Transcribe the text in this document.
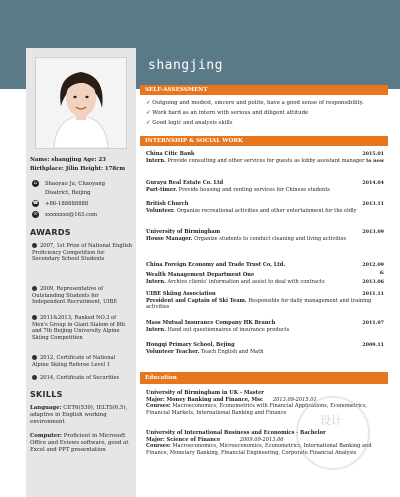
shangjing
Name: shangjing Age: 23
Birthplace: Jilin Height: 178cm
⌂ Shaoyao Ju, Chaoyang
Disatrict, Beijing
☎ +86-188888888
✉ xxxxxxxx@163.com
AWARDS
2007, 1st Prize of National English Proficiency Competition for Secondary School Students
2009, Representative of Outstanding Students for Independent Recruitment, UIBE
2011&2013, Ranked NO.3 of Men's Group in Giant Slalom of 8th and 7th Beijing University Alpine Skiing Competition
2012, Certificate of National Alpine Skiing Referee Level 1
2014, Certificate of Securities
SKILLS
Language: CET6(539), IELTS(6.5), adaptive in English working environment
Computer: Proficient in Microsoft Office and Eviews software, good at Excel and PPT presentation
SELF-ASSESSMENT
✓ Outgoing and modest, sincere and polite, have a good sense of responsibility.
✓ Work hard as an intern with serious and diligent attitude
✓ Good logic and analysis skills
INTERNSHIP & SOCIAL WORK
China Citic Bank	2015.01

Intern. Provide consulting and other services for guests as lobby assistant manager to now
Gurayu Real Estate Co. Ltd	2014.04

Part-timer. Provide housing and renting services for Chinese students
British Church	2013.11

Volunteer. Organize recreational activities and other entertainment for the eldly
University of Birmingham	2013.09

House Manager. Organize students to conduct cleaning and living activities
China Foreign Economy and Trade Trust Co, Ltd.	2012.09
&
Wealth Management Department One
Intern. Archive clients' information and assist to deal with contracts	2013.06
UIBE Skiing Association	2011.11

President and Captain of Ski Team. Responsible for daily management and training activities
Mass Mutual Insurance Company HK Branch	2011.07

Intern. Hand out questionnaires of insurance products
Hongqi Primary School, Bejing	2009.11

Volunteer Teacher. Teach English and Math
Education
University of Birmingham in UK - Master
Major: Money Banking and Finance, Msc 2013.09-2015.01
Courses: Macroeconomics, Econometrics with Financial Applications, Econometrics, Financial Markets, International Banking and Finance
University of International Business and Economics - Bachelor
Major: Science of Finance	2009.09-2013.06
Courses: Macroeconomics, Microeconomics, Econometrics, International Banking and Finance, Monetary Banking, Financial Engineering, Corporate Financial Analysis
设计
